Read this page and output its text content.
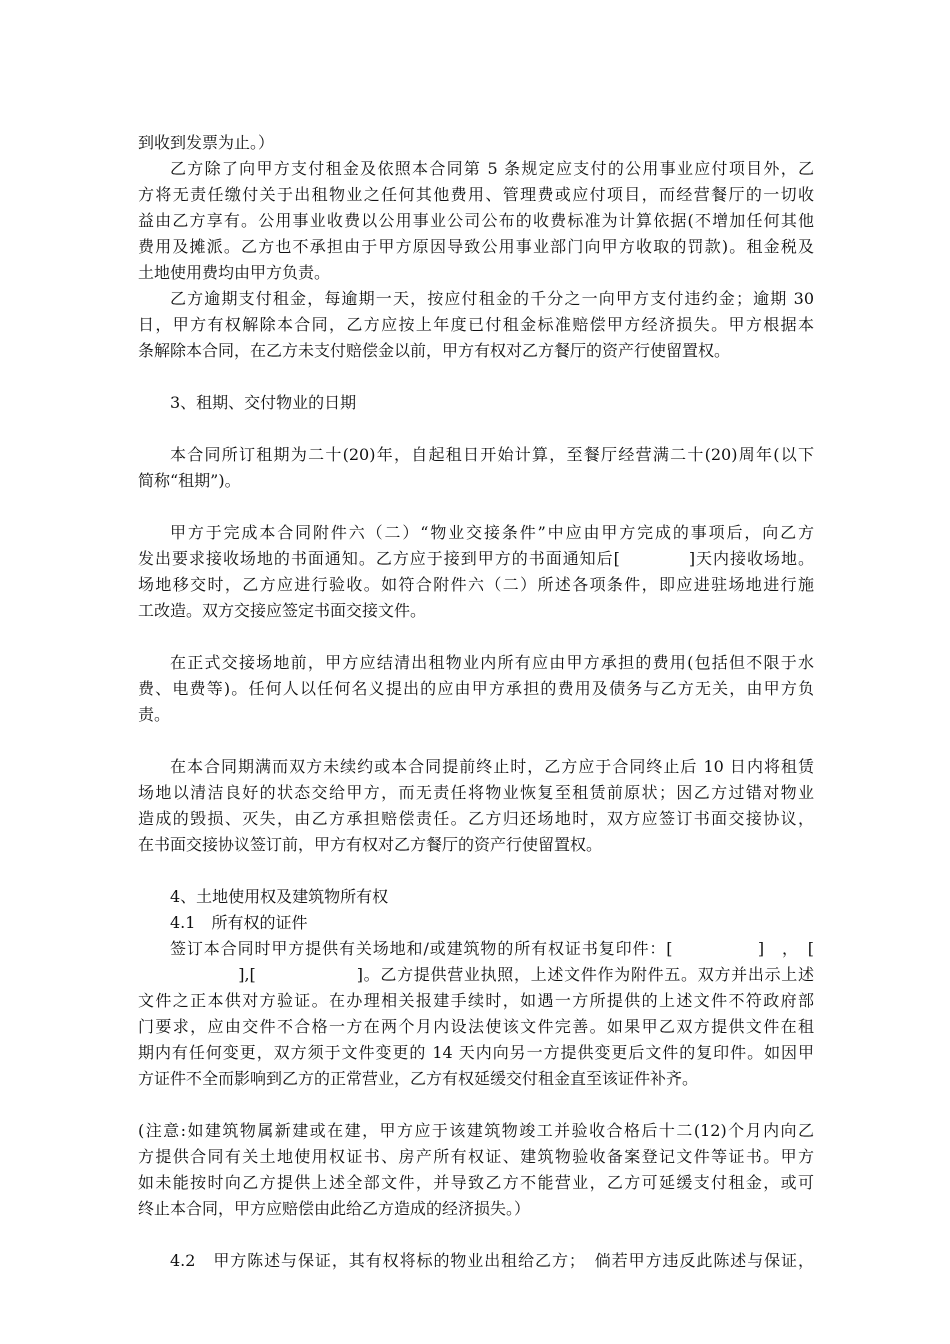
到收到发票为止。）
乙方除了向甲方支付租金及依照本合同第 5 条规定应支付的公用事业应付项目外，乙
方将无责任缴付关于出租物业之任何其他费用、管理费或应付项目，而经营餐厅的一切收
益由乙方享有。公用事业收费以公用事业公司公布的收费标准为计算依据(不增加任何其他
费用及摊派。乙方也不承担由于甲方原因导致公用事业部门向甲方收取的罚款)。租金税及
土地使用费均由甲方负责。
乙方逾期支付租金，每逾期一天，按应付租金的千分之一向甲方支付违约金；逾期 30
日，甲方有权解除本合同，乙方应按上年度已付租金标准赔偿甲方经济损失。甲方根据本
条解除本合同，在乙方未支付赔偿金以前，甲方有权对乙方餐厅的资产行使留置权。
3、租期、交付物业的日期
本合同所订租期为二十(20)年，自起租日开始计算，至餐厅经营满二十(20)周年(以下
简称“租期”)。
甲方于完成本合同附件六（二）“物业交接条件”中应由甲方完成的事项后，向乙方
发出要求接收场地的书面通知。乙方应于接到甲方的书面通知后[　　　　]天内接收场地。
场地移交时，乙方应进行验收。如符合附件六（二）所述各项条件，即应进驻场地进行施
工改造。双方交接应签定书面交接文件。
在正式交接场地前，甲方应结清出租物业内所有应由甲方承担的费用(包括但不限于水
费、电费等)。任何人以任何名义提出的应由甲方承担的费用及债务与乙方无关，由甲方负
责。
在本合同期满而双方未续约或本合同提前终止时，乙方应于合同终止后 10 日内将租赁
场地以清洁良好的状态交给甲方，而无责任将物业恢复至租赁前原状；因乙方过错对物业
造成的毁损、灭失，由乙方承担赔偿责任。乙方归还场地时，双方应签订书面交接协议，
在书面交接协议签订前，甲方有权对乙方餐厅的资产行使留置权。
4、土地使用权及建筑物所有权
4.1　所有权的证件
签订本合同时甲方提供有关场地和/或建筑物的所有权证书复印件：[　　　　　]　，　[
　　　　　　],[　　　　　　]。乙方提供营业执照，上述文件作为附件五。双方并出示上述
文件之正本供对方验证。在办理相关报建手续时，如遇一方所提供的上述文件不符政府部
门要求，应由交件不合格一方在两个月内设法使该文件完善。如果甲乙双方提供文件在租
期内有任何变更，双方须于文件变更的 14 天内向另一方提供变更后文件的复印件。如因甲
方证件不全而影响到乙方的正常营业，乙方有权延缓交付租金直至该证件补齐。
(注意:如建筑物属新建或在建，甲方应于该建筑物竣工并验收合格后十二(12)个月内向乙
方提供合同有关土地使用权证书、房产所有权证、建筑物验收备案登记文件等证书。甲方
如未能按时向乙方提供上述全部文件，并导致乙方不能营业，乙方可延缓支付租金，或可
终止本合同，甲方应赔偿由此给乙方造成的经济损失。）
4.2　甲方陈述与保证，其有权将标的物业出租给乙方；　倘若甲方违反此陈述与保证，
